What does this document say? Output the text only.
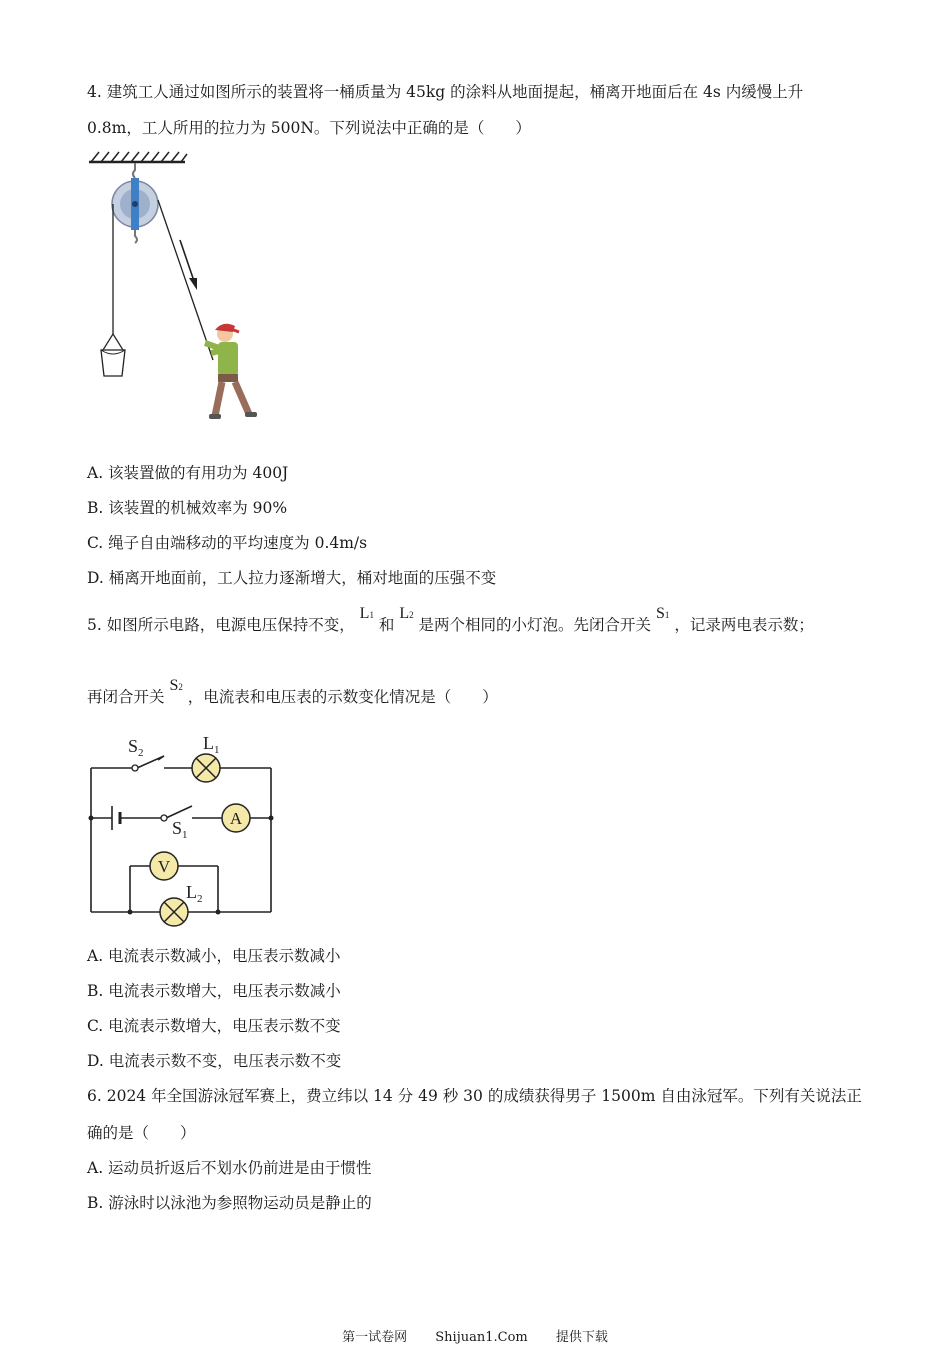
4. 建筑工人通过如图所示的装置将一桶质量为 45kg 的涂料从地面提起，桶离开地面后在 4s 内缓慢上升
0.8m，工人所用的拉力为 500N。下列说法中正确的是（　　）
A. 该装置做的有用功为 400J
B. 该装置的机械效率为 90%
C. 绳子自由端移动的平均速度为 0.4m/s
D. 桶离开地面前，工人拉力逐渐增大，桶对地面的压强不变
5. 如图所示电路，电源电压保持不变， L1 和 L2 是两个相同的小灯泡。先闭合开关 S1 ，记录两电表示数；
再闭合开关 S2 ，电流表和电压表的示数变化情况是（　　）
A
V
$S_2$	$L_1$
$S_1$
$L_2$
A. 电流表示数减小，电压表示数减小
B. 电流表示数增大，电压表示数减小
C. 电流表示数增大，电压表示数不变
D. 电流表示数不变，电压表示数不变
6. 2024 年全国游泳冠军赛上，费立纬以 14 分 49 秒 30 的成绩获得男子 1500m 自由泳冠军。下列有关说法正
确的是（　　）
A. 运动员折返后不划水仍前进是由于惯性
B. 游泳时以泳池为参照物运动员是静止的
第一试卷网 Shijuan1.Com 提供下载
